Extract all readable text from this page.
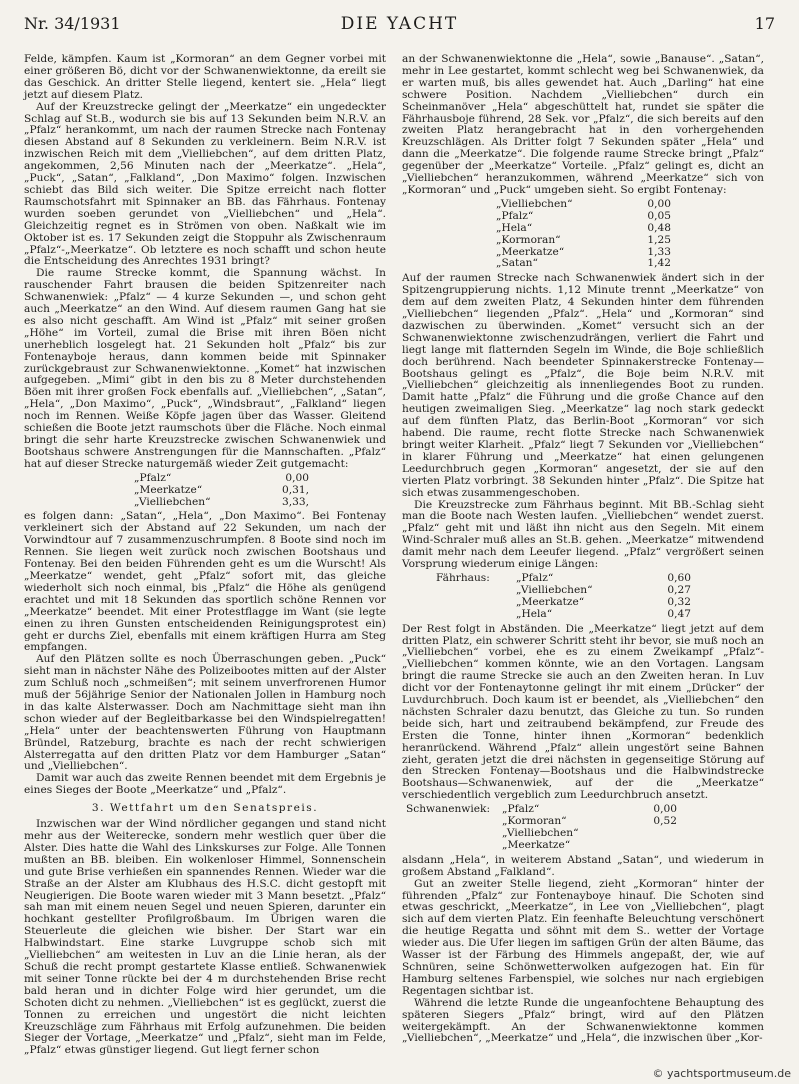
Nr. 34/1931	DIE YACHT	17

Felde, kämpfen. Kaum ist „Kormoran“ an dem Gegner vorbei mit einer größeren Bö, dicht vor der Schwanenwiektonne, da ereilt sie das Geschick. An dritter Stelle liegend, kentert sie. „Hela“ liegt jetzt auf diesem Platz.

Auf der Kreuzstrecke gelingt der „Meerkatze“ ein ungedeckter Schlag auf St.B., wodurch sie bis auf 13 Sekunden beim N.R.V. an „Pfalz“ herankommt, um nach der raumen Strecke nach Fontenay diesen Abstand auf 8 Sekunden zu verkleinern. Beim N.R.V. ist inzwischen Reich mit dem „Vielliebchen“, auf dem dritten Platz, angekommen, 2,56 Minuten nach der „Meerkatze“. „Hela“, „Puck“, „Satan“, „Falkland“, „Don Maximo“ folgen. Inzwischen schiebt das Bild sich weiter. Die Spitze erreicht nach flotter Raumschotsfahrt mit Spinnaker an BB. das Fährhaus. Fontenay wurden soeben gerundet von „Vielliebchen“ und „Hela“. Gleichzeitig regnet es in Strömen von oben. Naßkalt wie im Oktober ist es. 17 Sekunden zeigt die Stoppuhr als Zwischenraum „Pfalz“-„Meerkatze“. Ob letztere es noch schafft und schon heute die Entscheidung des Anrechtes 1931 bringt?

Die raume Strecke kommt, die Spannung wächst. In rauschender Fahrt brausen die beiden Spitzenreiter nach Schwanenwiek: „Pfalz“ — 4 kurze Sekunden —, und schon geht auch „Meerkatze“ an den Wind. Auf diesem raumen Gang hat sie es also nicht geschafft. Am Wind ist „Pfalz“ mit seiner großen „Höhe“ im Vorteil, zumal die Brise mit ihren Böen nicht unerheblich losgelegt hat. 21 Sekunden holt „Pfalz“ bis zur Fontenayboje heraus, dann kommen beide mit Spinnaker zurückgebraust zur Schwanenwiektonne. „Komet“ hat inzwischen aufgegeben. „Mimi“ gibt in den bis zu 8 Meter durchstehenden Böen mit ihrer großen Fock ebenfalls auf. „Vielliebchen“, „Satan“, „Hela“, „Don Maximo“, „Puck“, „Windsbraut“, „Falkland“ liegen noch im Rennen. Weiße Köpfe jagen über das Wasser. Gleitend schießen die Boote jetzt raumschots über die Fläche. Noch einmal bringt die sehr harte Kreuzstrecke zwischen Schwanenwiek und Bootshaus schwere Anstrengungen für die Mannschaften. „Pfalz“ hat auf dieser Strecke naturgemäß wieder Zeit gutgemacht:

„Pfalz“	0,00
„Meerkatze“	0,31,
„Vielliebchen“	3,33,

es folgen dann: „Satan“, „Hela“, „Don Maximo“. Bei Fontenay verkleinert sich der Abstand auf 22 Sekunden, um nach der Vorwindtour auf 7 zusammenzuschrumpfen. 8 Boote sind noch im Rennen. Sie liegen weit zurück noch zwischen Bootshaus und Fontenay. Bei den beiden Führenden geht es um die Wurscht! Als „Meerkatze“ wendet, geht „Pfalz“ sofort mit, das gleiche wiederholt sich noch einmal, bis „Pfalz“ die Höhe als genügend erachtet und mit 18 Sekunden das sportlich schöne Rennen vor „Meerkatze“ beendet. Mit einer Protestflagge im Want (sie legte einen zu ihren Gunsten entscheidenden Reinigungsprotest ein) geht er durchs Ziel, ebenfalls mit einem kräftigen Hurra am Steg empfangen.

Auf den Plätzen sollte es noch Überraschungen geben. „Puck“ sieht man in nächster Nähe des Polizeibootes mitten auf der Alster zum Schluß noch „schmeißen“; mit seinem unverfrorenen Humor muß der 56jährige Senior der Nationalen Jollen in Hamburg noch in das kalte Alsterwasser. Doch am Nachmittage sieht man ihn schon wieder auf der Begleitbarkasse bei den Windspielregatten! „Hela“ unter der beachtenswerten Führung von Hauptmann Bründel, Ratzeburg, brachte es nach der recht schwierigen Alsterregatta auf den dritten Platz vor dem Hamburger „Satan“ und „Vielliebchen“.

Damit war auch das zweite Rennen beendet mit dem Ergebnis je eines Sieges der Boote „Meerkatze“ und „Pfalz“.

3. Wettfahrt um den Senatspreis.

Inzwischen war der Wind nördlicher gegangen und stand nicht mehr aus der Weiterecke, sondern mehr westlich quer über die Alster. Dies hatte die Wahl des Linkskurses zur Folge. Alle Tonnen mußten an BB. bleiben. Ein wolkenloser Himmel, Sonnenschein und gute Brise verhießen ein spannendes Rennen. Wieder war die Straße an der Alster am Klubhaus des H.S.C. dicht gestopft mit Neugierigen. Die Boote waren wieder mit 3 Mann besetzt. „Pfalz“ sah man mit einem neuen Segel und neuen Spieren, darunter ein hochkant gestellter Profilgroßbaum. Im Übrigen waren die Steuerleute die gleichen wie bisher. Der Start war ein Halbwindstart. Eine starke Luvgruppe schob sich mit „Vielliebchen“ am weitesten in Luv an die Linie heran, als der Schuß die recht prompt gestartete Klasse entließ. Schwanenwiek mit seiner Tonne rückte bei der 4 m durchstehenden Brise recht bald heran und in dichter Folge wird hier gerundet, um die Schoten dicht zu nehmen. „Vielliebchen“ ist es geglückt, zuerst die Tonnen zu erreichen und ungestört die nicht leichten Kreuzschläge zum Fährhaus mit Erfolg aufzunehmen. Die beiden Sieger der Vortage, „Meerkatze“ und „Pfalz“, sieht man im Felde, „Pfalz“ etwas günstiger liegend. Gut liegt ferner schon

an der Schwanenwiektonne die „Hela“, sowie „Banause“. „Satan“, mehr in Lee gestartet, kommt schlecht weg bei Schwanenwiek, da er warten muß, bis alles gewendet hat. Auch „Darling“ hat eine schwere Position. Nachdem „Vielliebchen“ durch ein Scheinmanöver „Hela“ abgeschüttelt hat, rundet sie später die Fährhausboje führend, 28 Sek. vor „Pfalz“, die sich bereits auf den zweiten Platz herangebracht hat in den vorhergehenden Kreuzschlägen. Als Dritter folgt 7 Sekunden später „Hela“ und dann die „Meerkatze“. Die folgende raume Strecke bringt „Pfalz“ gegenüber der „Meerkatze“ Vorteile. „Pfalz“ gelingt es, dicht an „Vielliebchen“ heranzukommen, während „Meerkatze“ sich von „Kormoran“ und „Puck“ umgeben sieht. So ergibt Fontenay:

„Vielliebchen“	0,00
„Pfalz“	0,05
„Hela“	0,48
„Kormoran“	1,25
„Meerkatze“	1,33
„Satan“	1,42

Auf der raumen Strecke nach Schwanenwiek ändert sich in der Spitzengruppierung nichts. 1,12 Minute trennt „Meerkatze“ von dem auf dem zweiten Platz, 4 Sekunden hinter dem führenden „Vielliebchen“ liegenden „Pfalz“. „Hela“ und „Kormoran“ sind dazwischen zu überwinden. „Komet“ versucht sich an der Schwanenwiektonne zwischenzudrängen, verliert die Fahrt und liegt lange mit flatternden Segeln im Winde, die Boje schließlich doch berührend. Nach beendeter Spinnakerstrecke Fontenay—Bootshaus gelingt es „Pfalz“, die Boje beim N.R.V. mit „Vielliebchen“ gleichzeitig als innenliegendes Boot zu runden. Damit hatte „Pfalz“ die Führung und die große Chance auf den heutigen zweimaligen Sieg. „Meerkatze“ lag noch stark gedeckt auf dem fünften Platz, das Berlin-Boot „Kormoran“ vor sich habend. Die raume, recht flotte Strecke nach Schwanenwiek bringt weiter Klarheit. „Pfalz“ liegt 7 Sekunden vor „Vielliebchen“ in klarer Führung und „Meerkatze“ hat einen gelungenen Leedurchbruch gegen „Kormoran“ angesetzt, der sie auf den vierten Platz vorbringt. 38 Sekunden hinter „Pfalz“. Die Spitze hat sich etwas zusammengeschoben.

Die Kreuzstrecke zum Fährhaus beginnt. Mit BB.-Schlag sieht man die Boote nach Westen laufen. „Vielliebchen“ wendet zuerst. „Pfalz“ geht mit und läßt ihn nicht aus den Segeln. Mit einem Wind-Schraler muß alles an St.B. gehen. „Meerkatze“ mitwendend damit mehr nach dem Leeufer liegend. „Pfalz“ vergrößert seinen Vorsprung wiederum einige Längen:

Fährhaus:	„Pfalz“	0,60
„Vielliebchen“	0,27
„Meerkatze“	0,32
„Hela“	0,47

Der Rest folgt in Abständen. Die „Meerkatze“ liegt jetzt auf dem dritten Platz, ein schwerer Schritt steht ihr bevor, sie muß noch an „Vielliebchen“ vorbei, ehe es zu einem Zweikampf „Pfalz“-„Vielliebchen“ kommen könnte, wie an den Vortagen. Langsam bringt die raume Strecke sie auch an den Zweiten heran. In Luv dicht vor der Fontenaytonne gelingt ihr mit einem „Drücker“ der Luvdurchbruch. Doch kaum ist er beendet, als „Vielliebchen“ den nächsten Schraler dazu benutzt, das Gleiche zu tun. So runden beide sich, hart und zeitraubend bekämpfend, zur Freude des Ersten die Tonne, hinter ihnen „Kormoran“ bedenklich heranrückend. Während „Pfalz“ allein ungestört seine Bahnen zieht, geraten jetzt die drei nächsten in gegenseitige Störung auf den Strecken Fontenay—Bootshaus und die Halbwindstrecke Bootshaus—Schwanenwiek, auf der die „Meerkatze“ verschiedentlich vergeblich zum Leedurchbruch ansetzt.

Schwanenwiek:	„Pfalz“	0,00
„Kormoran“	0,52
„Vielliebchen“
„Meerkatze“

alsdann „Hela“, in weiterem Abstand „Satan“, und wiederum in großem Abstand „Falkland“.

Gut an zweiter Stelle liegend, zieht „Kormoran“ hinter der führenden „Pfalz“ zur Fontenayboye hinauf. Die Schoten sind etwas geschrickt, „Meerkatze“, in Lee von „Vielliebchen“, plagt sich auf dem vierten Platz. Ein feenhafte Beleuchtung verschönert die heutige Regatta und söhnt mit dem S.. wetter der Vortage wieder aus. Die Ufer liegen im saftigen Grün der alten Bäume, das Wasser ist der Färbung des Himmels angepaßt, der, wie auf Schnüren, seine Schönwetterwolken aufgezogen hat. Ein für Hamburg seltenes Farbenspiel, wie solches nur nach ergiebigen Regentagen sichtbar ist.

Während die letzte Runde die ungeanfochtene Behauptung des späteren Siegers „Pfalz“ bringt, wird auf den Plätzen weitergekämpft. An der Schwanenwiektonne kommen „Vielliebchen“, „Meerkatze“ und „Hela“, die inzwischen über „Kor-

© yachtsportmuseum.de
